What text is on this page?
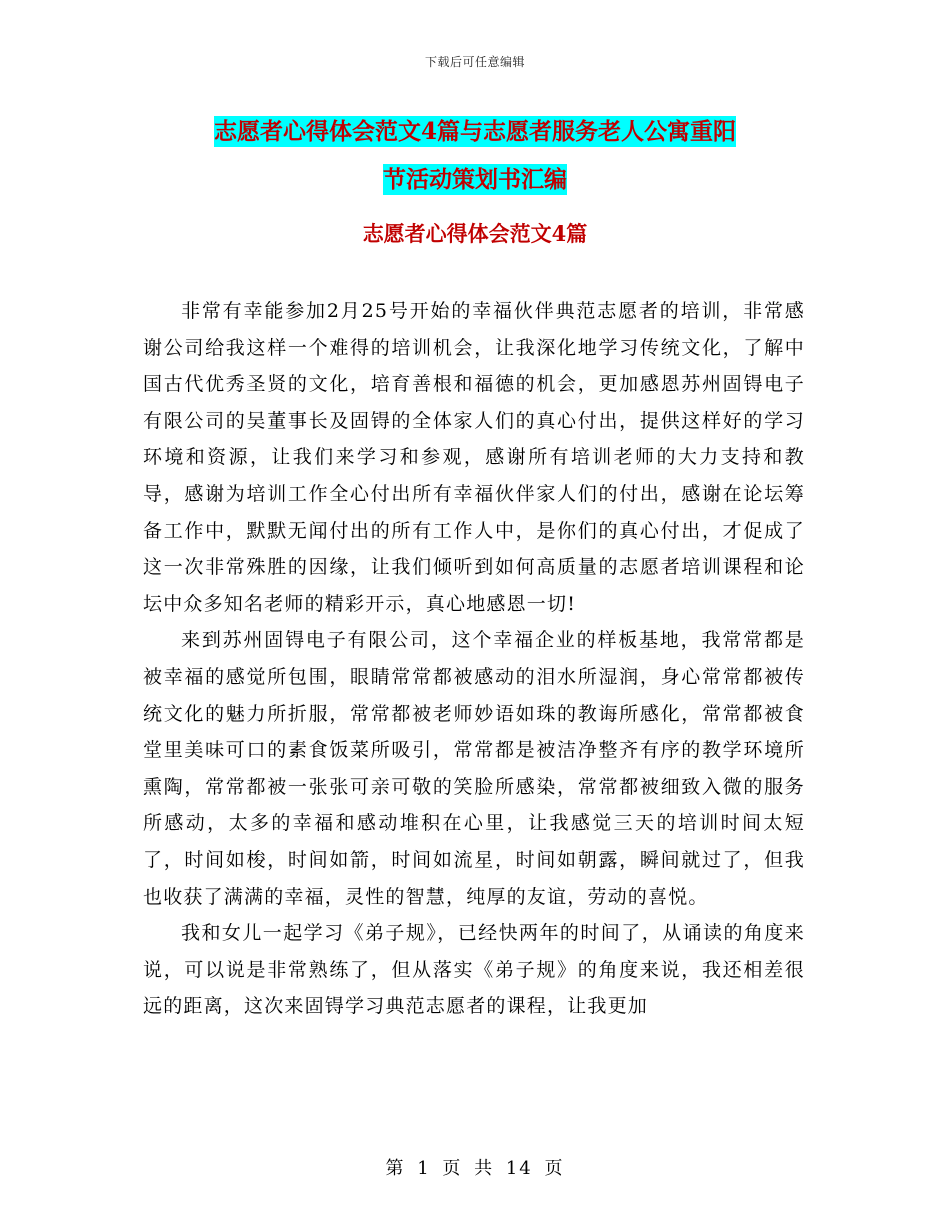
下载后可任意编辑
志愿者心得体会范文4篇与志愿者服务老人公寓重阳
节活动策划书汇编
志愿者心得体会范文4篇

非常有幸能参加2月25号开始的幸福伙伴典范志愿者的培训，非常感谢公司给我这样一个难得的培训机会，让我深化地学习传统文化，了解中国古代优秀圣贤的文化，培育善根和福德的机会，更加感恩苏州固锝电子有限公司的吴董事长及固锝的全体家人们的真心付出，提供这样好的学习环境和资源，让我们来学习和参观，感谢所有培训老师的大力支持和教导，感谢为培训工作全心付出所有幸福伙伴家人们的付出，感谢在论坛筹备工作中，默默无闻付出的所有工作人中，是你们的真心付出，才促成了这一次非常殊胜的因缘，让我们倾听到如何高质量的志愿者培训课程和论坛中众多知名老师的精彩开示，真心地感恩一切!

来到苏州固锝电子有限公司，这个幸福企业的样板基地，我常常都是被幸福的感觉所包围，眼睛常常都被感动的泪水所湿润，身心常常都被传统文化的魅力所折服，常常都被老师妙语如珠的教诲所感化，常常都被食堂里美味可口的素食饭菜所吸引，常常都是被洁净整齐有序的教学环境所熏陶，常常都被一张张可亲可敬的笑脸所感染，常常都被细致入微的服务所感动，太多的幸福和感动堆积在心里，让我感觉三天的培训时间太短了，时间如梭，时间如箭，时间如流星，时间如朝露，瞬间就过了，但我也收获了满满的幸福，灵性的智慧，纯厚的友谊，劳动的喜悦。

我和女儿一起学习《弟子规》，已经快两年的时间了，从诵读的角度来说，可以说是非常熟练了，但从落实《弟子规》的角度来说，我还相差很远的距离，这次来固锝学习典范志愿者的课程，让我更加

第 1 页 共 14 页
